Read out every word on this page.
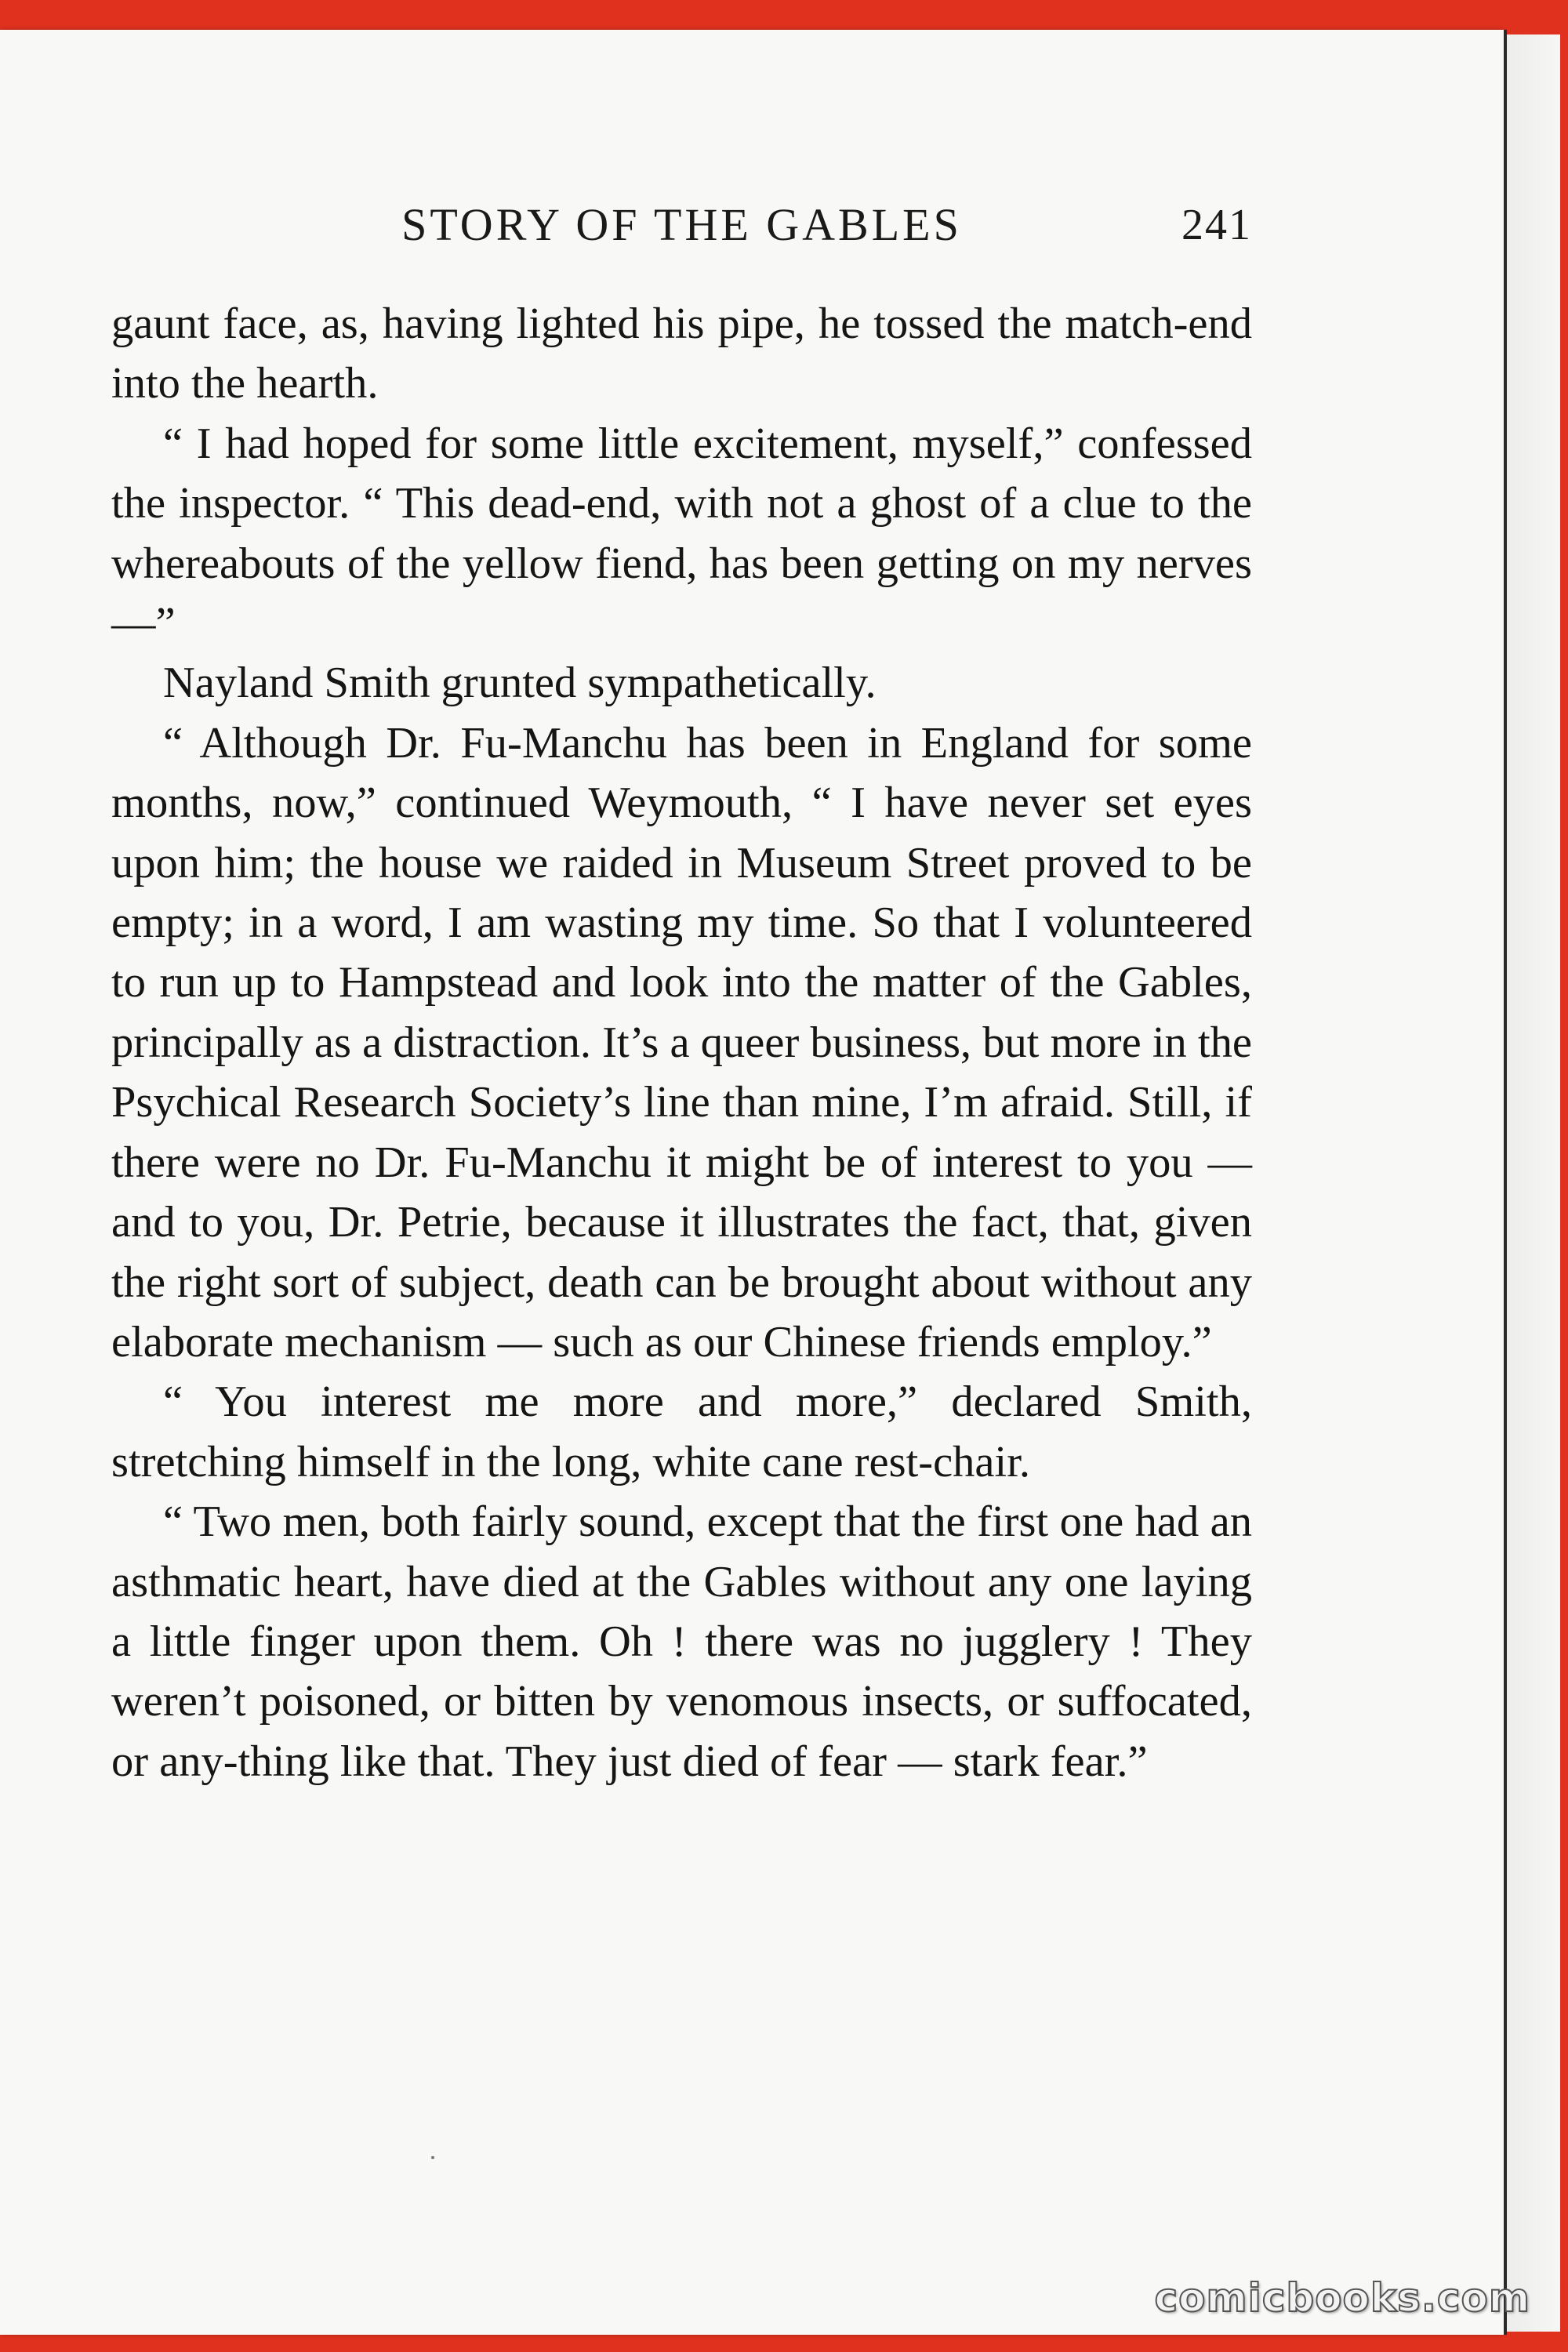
STORY OF THE GABLES	241

gaunt face, as, having lighted his pipe, he tossed the match-end into the hearth.

“ I had hoped for some little excitement, myself,” confessed the inspector. “ This dead-end, with not a ghost of a clue to the whereabouts of the yellow fiend, has been getting on my nerves —”

Nayland Smith grunted sympathetically.

“ Although Dr. Fu-Manchu has been in England for some months, now,” continued Weymouth, “ I have never set eyes upon him; the house we raided in Museum Street proved to be empty; in a word, I am wasting my time. So that I volunteered to run up to Hampstead and look into the matter of the Gables, principally as a distraction. It’s a queer business, but more in the Psychical Research Society’s line than mine, I’m afraid. Still, if there were no Dr. Fu-Manchu it might be of interest to you — and to you, Dr. Petrie, because it illustrates the fact, that, given the right sort of subject, death can be brought about without any elaborate mechanism — such as our Chinese friends employ.”

“ You interest me more and more,” declared Smith, stretching himself in the long, white cane rest-chair.

“ Two men, both fairly sound, except that the first one had an asthmatic heart, have died at the Gables without any one laying a little finger upon them. Oh ! there was no jugglery ! They weren’t poisoned, or bitten by venomous insects, or suffocated, or any-thing like that. They just died of fear — stark fear.”

comicbooks.com
